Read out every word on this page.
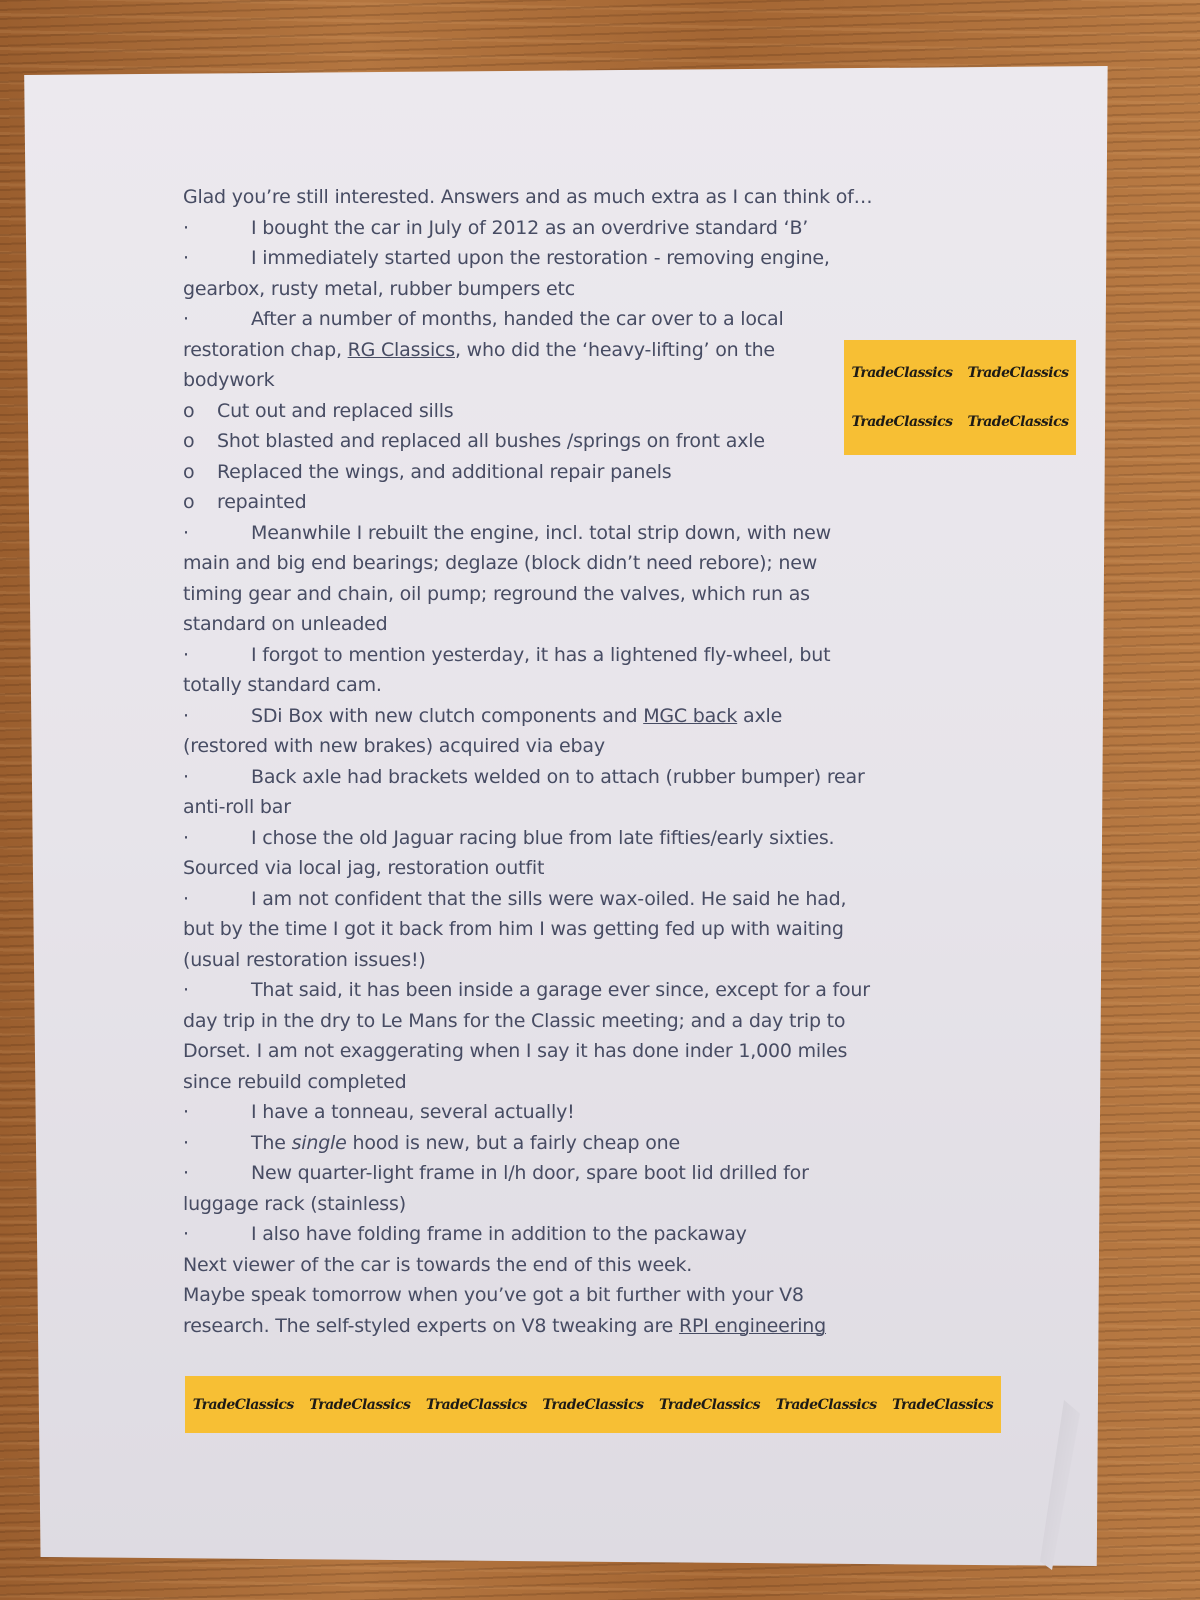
Glad you’re still interested. Answers and as much extra as I can think of…
·I bought the car in July of 2012 as an overdrive standard ‘B’
·I immediately started upon the restoration - removing engine,
gearbox, rusty metal, rubber bumpers etc
·After a number of months, handed the car over to a local
restoration chap, RG Classics, who did the ‘heavy-lifting’ on the
bodywork
oCut out and replaced sills
oShot blasted and replaced all bushes /springs on front axle
oReplaced the wings, and additional repair panels
orepainted
·Meanwhile I rebuilt the engine, incl. total strip down, with new
main and big end bearings; deglaze (block didn’t need rebore); new
timing gear and chain, oil pump; reground the valves, which run as
standard on unleaded
·I forgot to mention yesterday, it has a lightened fly-wheel, but
totally standard cam.
·SDi Box with new clutch components and MGC back axle
(restored with new brakes) acquired via ebay
·Back axle had brackets welded on to attach (rubber bumper) rear
anti-roll bar
·I chose the old Jaguar racing blue from late fifties/early sixties.
Sourced via local jag, restoration outfit
·I am not confident that the sills were wax-oiled. He said he had,
but by the time I got it back from him I was getting fed up with waiting
(usual restoration issues!)
·That said, it has been inside a garage ever since, except for a four
day trip in the dry to Le Mans for the Classic meeting; and a day trip to
Dorset. I am not exaggerating when I say it has done inder 1,000 miles
since rebuild completed
·I have a tonneau, several actually!
·The single hood is new, but a fairly cheap one
·New quarter-light frame in l/h door, spare boot lid drilled for
luggage rack (stainless)
·I also have folding frame in addition to the packaway
Next viewer of the car is towards the end of this week.
Maybe speak tomorrow when you’ve got a bit further with your V8
research. The self-styled experts on V8 tweaking are RPI engineering
TradeClassics	TradeClassics
TradeClassics	TradeClassics
TradeClassics TradeClassics TradeClassics TradeClassics TradeClassics TradeClassics TradeClassics
